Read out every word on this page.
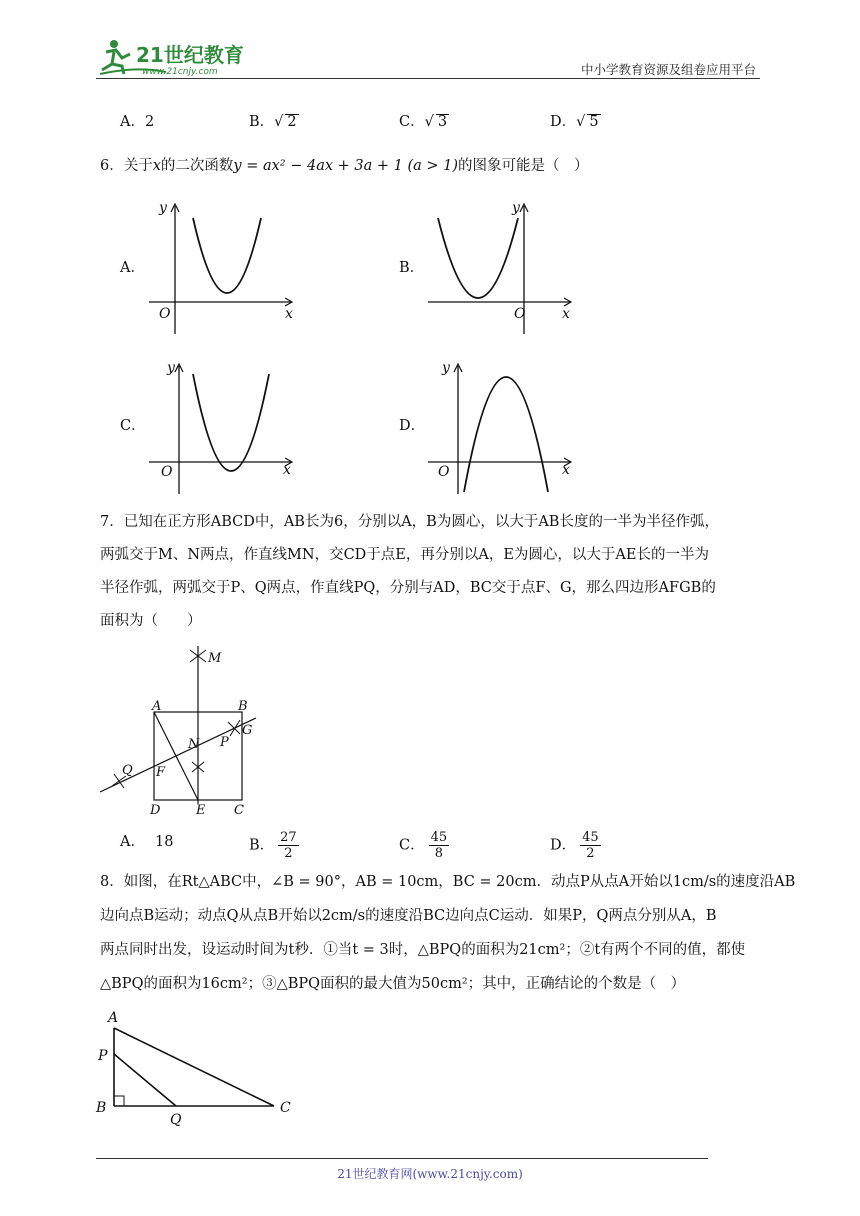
21世纪教育
www.21cnjy.com	中小学教育资源及组卷应用平台
A．2	B．√ 2	C．√ 3	D．√ 5
6．关于x的二次函数y = ax² − 4ax + 3a + 1 (a > 1)的图象可能是（　）
A．	B．
C．	D．
y
x
O
y
x
O
y
x
O
y
x
O
7．已知在正方形ABCD中，AB长为6，分别以A，B为圆心，以大于AB长度的一半为半径作弧，
两弧交于M、N两点，作直线MN，交CD于点E，再分别以A，E为圆心，以大于AE长的一半为
半径作弧，两弧交于P、Q两点，作直线PQ，分别与AD，BC交于点F、G，那么四边形AFGB的
面积为（　　）
M
A	B
G
N P
Q F
D	E C
A． 18	B． $\frac{27}{2}$	C． $\frac{45}{8}$	D． $\frac{45}{2}$
8．如图，在Rt△ABC中，∠B = 90°，AB = 10cm，BC = 20cm．动点P从点A开始以1cm/s的速度沿AB
边向点B运动；动点Q从点B开始以2cm/s的速度沿BC边向点C运动．如果P，Q两点分别从A，B
两点同时出发，设运动时间为t秒．①当t = 3时，△BPQ的面积为21cm²；②t有两个不同的值，都使
△BPQ的面积为16cm²；③△BPQ面积的最大值为50cm²；其中，正确结论的个数是（　）
A
P
B
Q
C
21世纪教育网(www.21cnjy.com)
